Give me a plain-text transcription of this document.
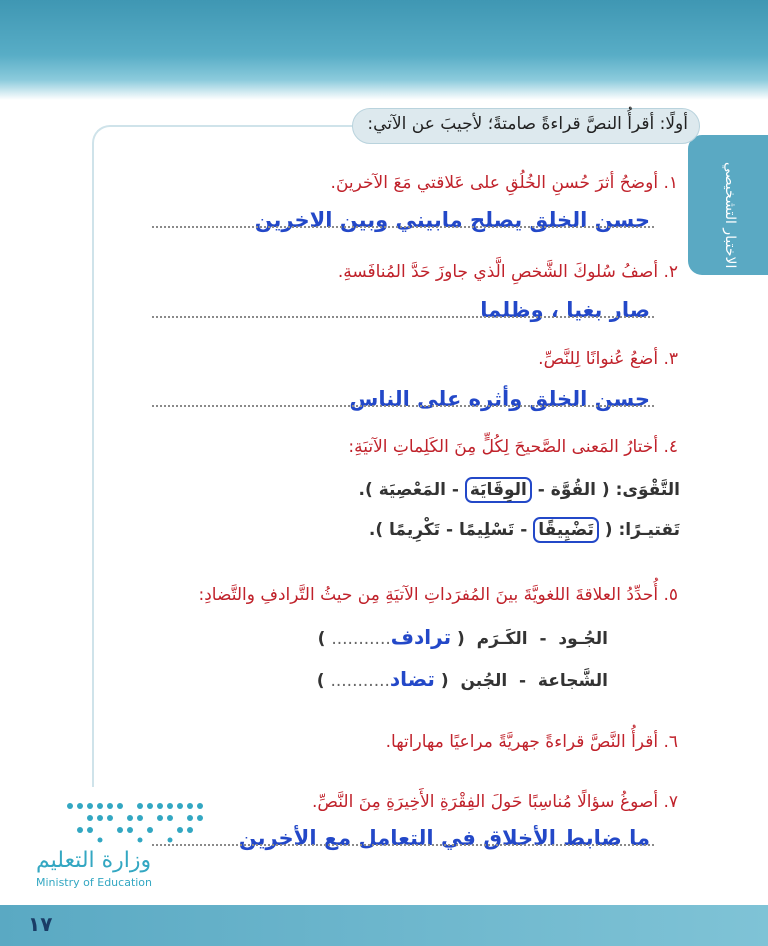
الاختبار التشخيصي
أولًا: أقرأُ النصَّ قراءةً صامتةً؛ لأجيبَ عن الآتي:
١. أوضحُ أثرَ حُسنِ الخُلُقِ على عَلاقتي مَعَ الآخرينَ.
حسن الخلق يصلح مابيني وبين الاخرين
٢. أصفُ سُلوكَ الشَّخصِ الَّذي جاوزَ حَدَّ المُنافَسةِ.
صار بغيا ، وظلما
٣. أضعُ عُنوانًا لِلنَّصِّ.
حسن الخلق وأثره على الناس
٤. أختارُ المَعنى الصَّحيحَ لِكُلٍّ مِنَ الكَلِماتِ الآتيَةِ:
التَّقْوَى: ( القُوَّة - الوِقَايَة - المَعْصِيَة ).
تَقتيـرًا: ( تَضْيِيقًا - تَسْلِيمًا - تَكْرِيمًا ).
٥. أُحدِّدُ العلاقةَ اللغويَّةَ بينَ المُفرَداتِ الآتيَةِ مِن حيثُ التَّرادفِ والتَّضادِ:
الجُـود  -  الكَـرَم  ( ترادف........... )
الشَّجاعة  -  الجُبن  ( تضاد........... )
٦. أقرأُ النَّصَّ قراءةً جهريَّةً مراعيًا مهاراتها.
٧. أصوغُ سؤالًا مُناسِبًا حَولَ الفِقْرَةِ الأَخِيرَةِ مِنَ النَّصِّ.
ما ضابط الأخلاق في التعامل مع الأخرين
وزارة التعليم
Ministry of Education
١٧
